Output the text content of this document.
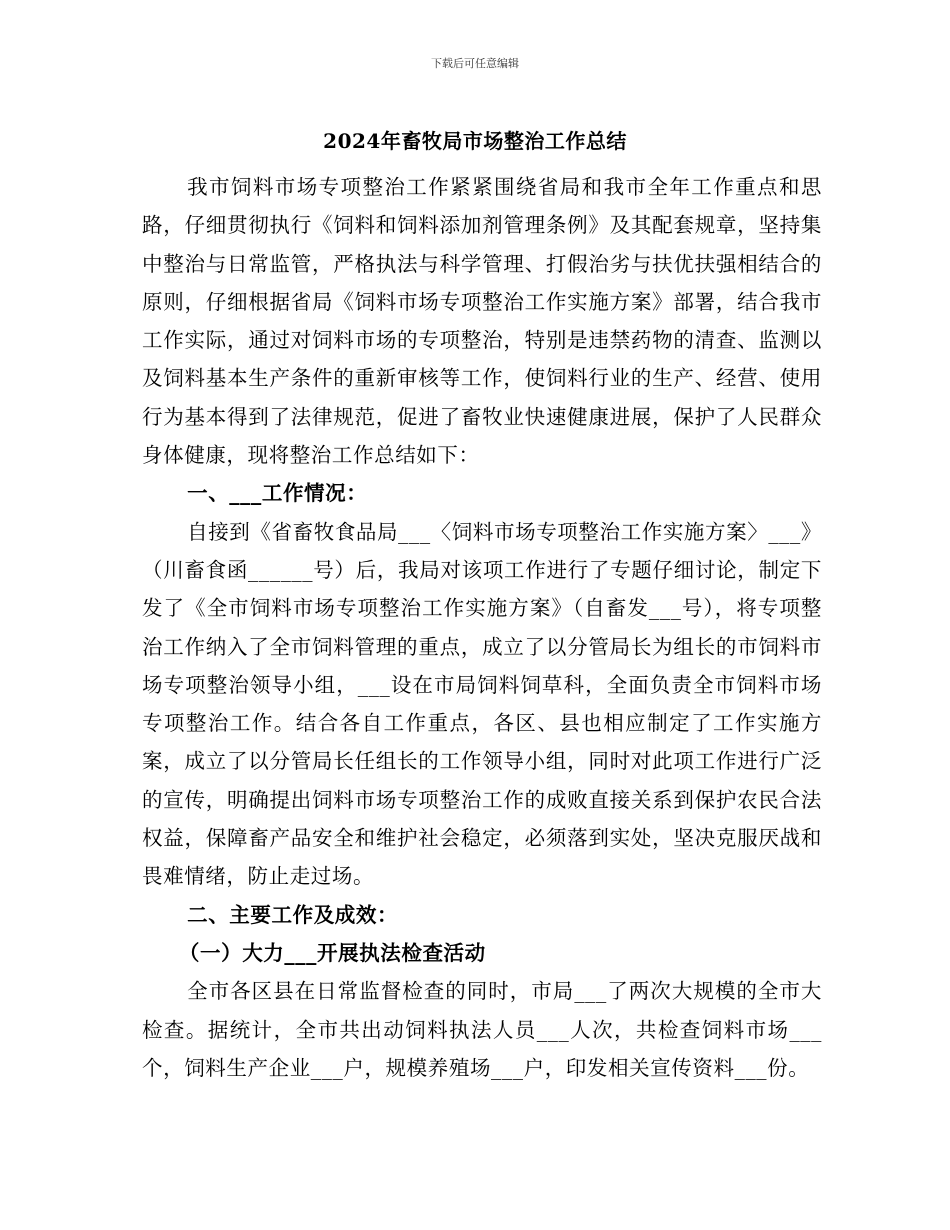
下载后可任意编辑
2024年畜牧局市场整治工作总结

我市饲料市场专项整治工作紧紧围绕省局和我市全年工作重点和思路，仔细贯彻执行《饲料和饲料添加剂管理条例》及其配套规章，坚持集中整治与日常监管，严格执法与科学管理、打假治劣与扶优扶强相结合的原则，仔细根据省局《饲料市场专项整治工作实施方案》部署，结合我市工作实际，通过对饲料市场的专项整治，特别是违禁药物的清查、监测以及饲料基本生产条件的重新审核等工作，使饲料行业的生产、经营、使用行为基本得到了法律规范，促进了畜牧业快速健康进展，保护了人民群众身体健康，现将整治工作总结如下：

一、___工作情况：

自接到《省畜牧食品局___〈饲料市场专项整治工作实施方案〉___》（川畜食函______号）后，我局对该项工作进行了专题仔细讨论，制定下发了《全市饲料市场专项整治工作实施方案》（自畜发___号），将专项整治工作纳入了全市饲料管理的重点，成立了以分管局长为组长的市饲料市场专项整治领导小组，___设在市局饲料饲草科，全面负责全市饲料市场专项整治工作。结合各自工作重点，各区、县也相应制定了工作实施方案，成立了以分管局长任组长的工作领导小组，同时对此项工作进行广泛的宣传，明确提出饲料市场专项整治工作的成败直接关系到保护农民合法权益，保障畜产品安全和维护社会稳定，必须落到实处，坚决克服厌战和畏难情绪，防止走过场。

二、主要工作及成效：

（一）大力___开展执法检查活动

全市各区县在日常监督检查的同时，市局___了两次大规模的全市大检查。据统计，全市共出动饲料执法人员___人次，共检查饲料市场___个，饲料生产企业___户，规模养殖场___户，印发相关宣传资料___份。
